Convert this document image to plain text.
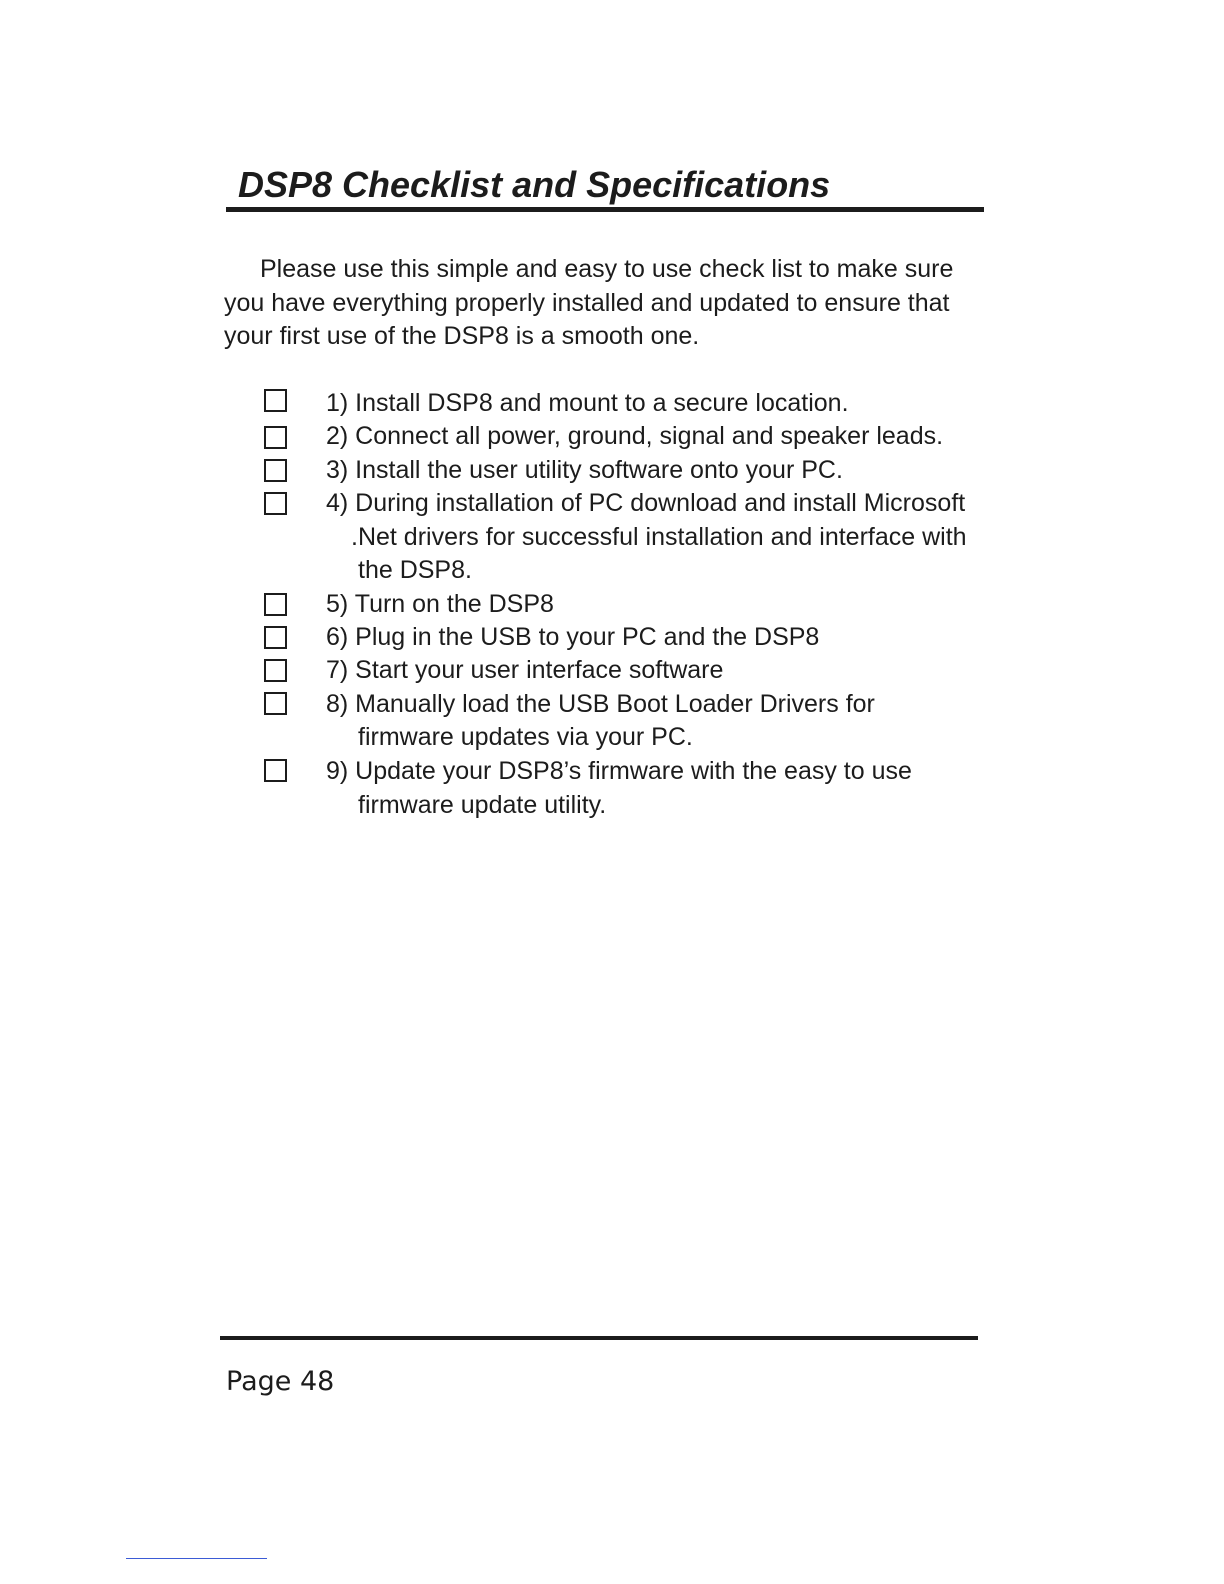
DSP8 Checklist and Specifications
Please use this simple and easy to use check list to make sure
you have everything properly installed and updated to ensure that
your first use of the DSP8 is a smooth one.
1) Install DSP8 and mount to a secure location.
2) Connect all power, ground, signal and speaker leads.
3) Install the user utility software onto your PC.
4) During installation of PC download and install Microsoft
.Net drivers for successful installation and interface with
the DSP8.
5) Turn on the DSP8
6) Plug in the USB to your PC and the DSP8
7) Start your user interface software
8) Manually load the USB Boot Loader Drivers for
firmware updates via your PC.
9) Update your DSP8’s firmware with the easy to use
firmware update utility.
Page 48
